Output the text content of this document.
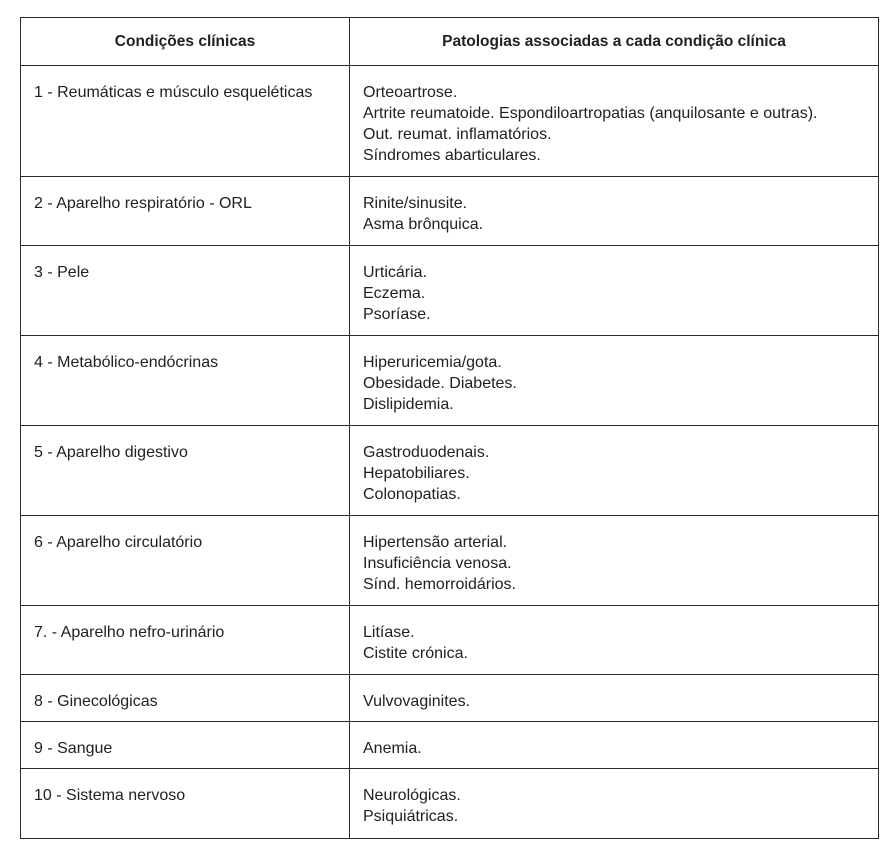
Condições clínicas	Patologias associadas a cada condição clínica
1 - Reumáticas e músculo esqueléticas	Orteoartrose.
Artrite reumatoide. Espondiloartropatias (anquilosante e outras).
Out. reumat. inflamatórios.
Síndromes abarticulares.

2 - Aparelho respiratório - ORL	Rinite/sinusite.
Asma brônquica.

3 - Pele	Urticária.
Eczema.
Psoríase.

4 - Metabólico-endócrinas	Hiperuricemia/gota.
Obesidade. Diabetes.
Dislipidemia.

5 - Aparelho digestivo	Gastroduodenais.
Hepatobiliares.
Colonopatias.

6 - Aparelho circulatório	Hipertensão arterial.
Insuficiência venosa.
Sínd. hemorroidários.

7. - Aparelho nefro-urinário	Litíase.
Cistite crónica.

8 - Ginecológicas	Vulvovaginites.

9 - Sangue	Anemia.

10 - Sistema nervoso	Neurológicas.
Psiquiátricas.
